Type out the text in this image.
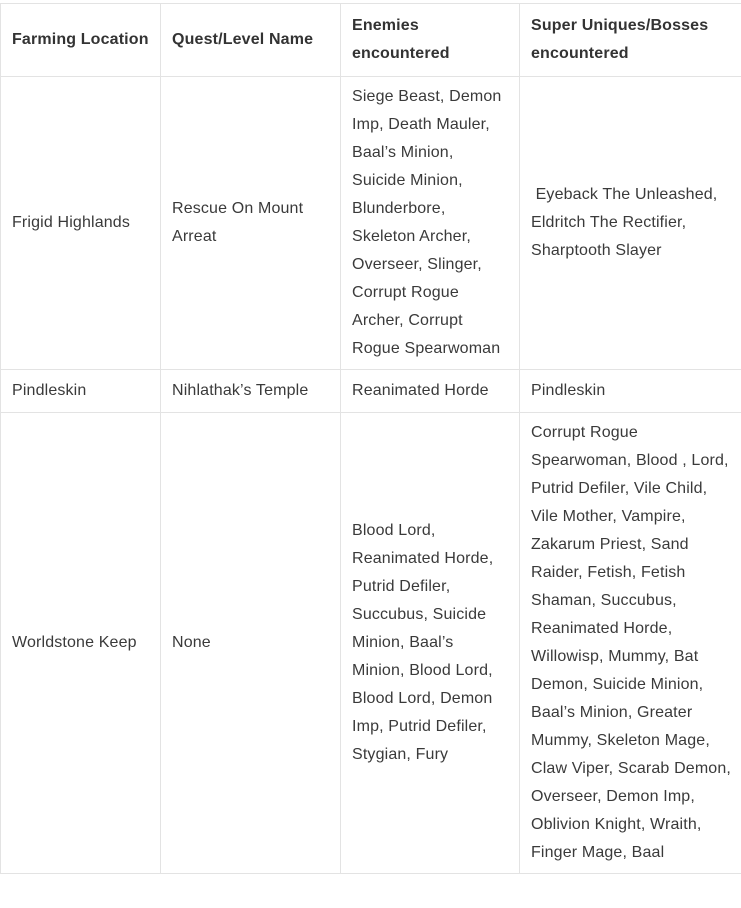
Farming Location	Quest/Level Name	Enemies encountered	Super Uniques/Bosses encountered
Frigid Highlands	Rescue On Mount Arreat	Siege Beast, Demon Imp, Death Mauler, Baal’s Minion, Suicide Minion, Blunderbore, Skeleton Archer, Overseer, Slinger, Corrupt Rogue Archer, Corrupt Rogue Spearwoman	Eyeback The Unleashed, Eldritch The Rectifier, Sharptooth Slayer
Pindleskin	Nihlathak’s Temple	Reanimated Horde	Pindleskin
Worldstone Keep	None	Blood Lord, Reanimated Horde, Putrid Defiler, Succubus, Suicide Minion, Baal’s Minion, Blood Lord, Blood Lord, Demon Imp, Putrid Defiler, Stygian, Fury	Corrupt Rogue Spearwoman, Blood , Lord, Putrid Defiler, Vile Child, Vile Mother, Vampire, Zakarum Priest, Sand Raider, Fetish, Fetish Shaman, Succubus, Reanimated Horde, Willowisp, Mummy, Bat Demon, Suicide Minion, Baal’s Minion, Greater Mummy, Skeleton Mage, Claw Viper, Scarab Demon, Overseer, Demon Imp, Oblivion Knight, Wraith, Finger Mage, Baal
